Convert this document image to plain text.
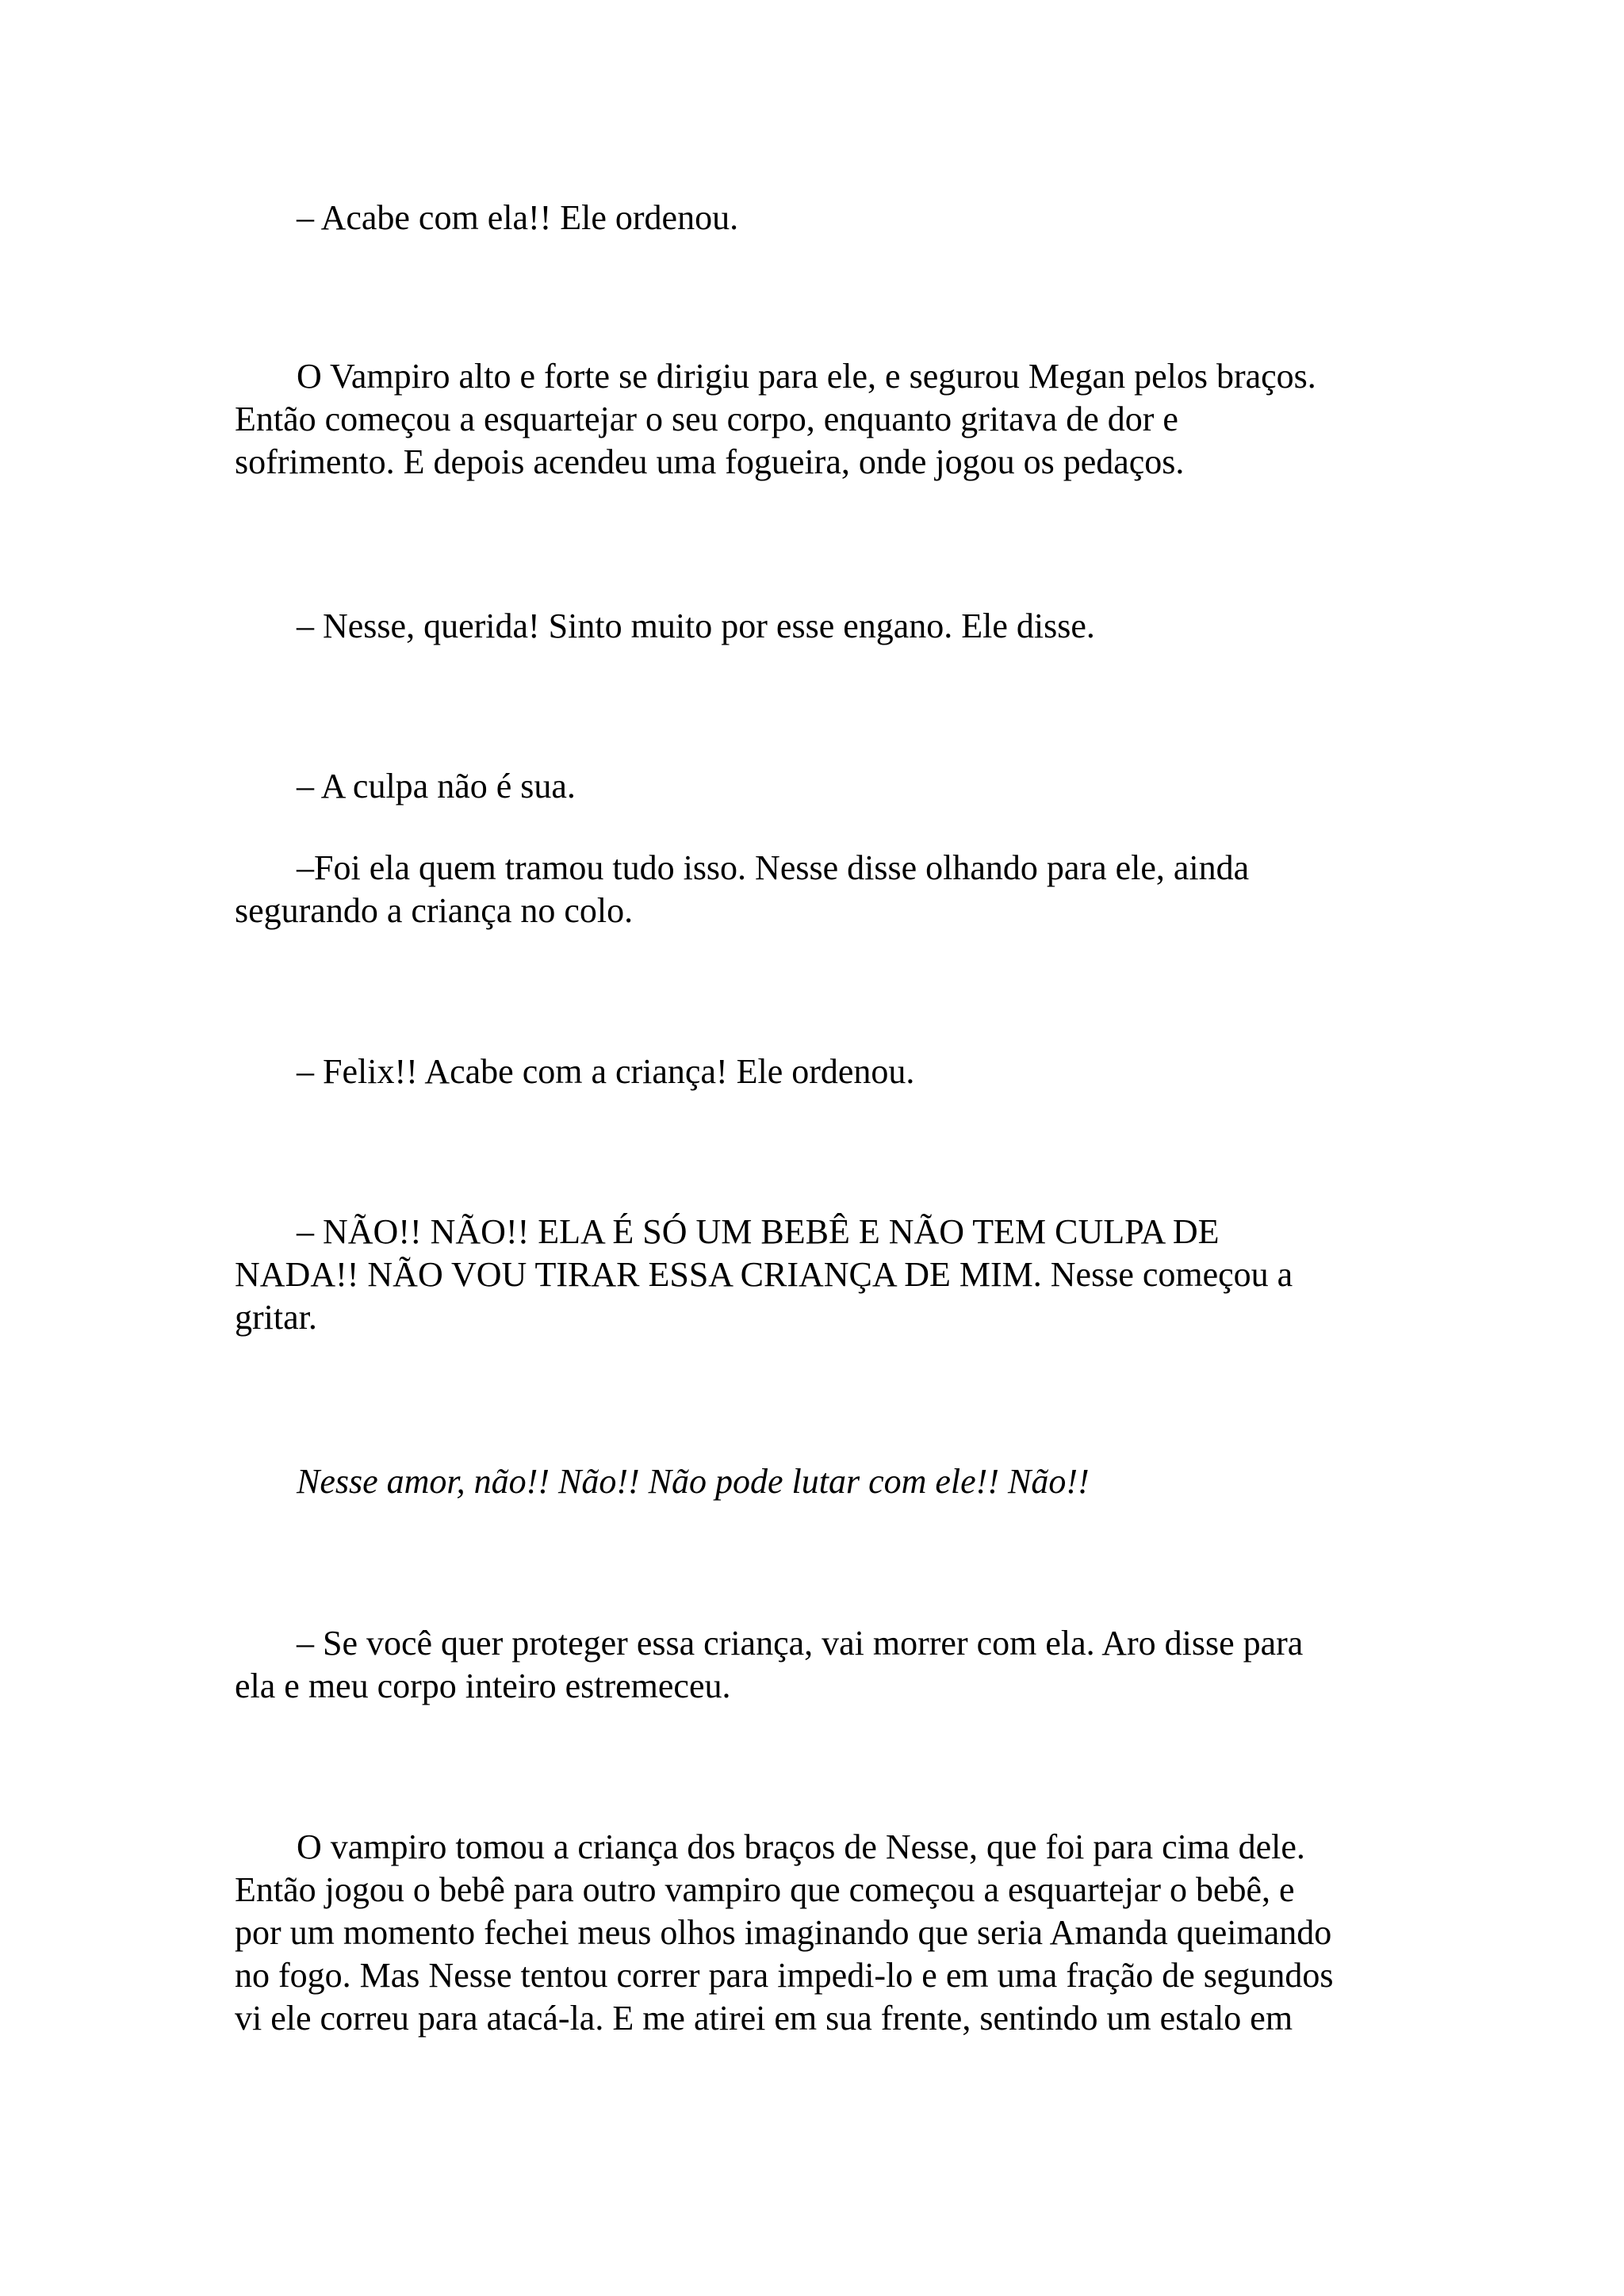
– Acabe com ela!! Ele ordenou.
O Vampiro alto e forte se dirigiu para ele, e segurou Megan pelos braços.
Então começou a esquartejar o seu corpo, enquanto gritava de dor e
sofrimento. E depois acendeu uma fogueira, onde jogou os pedaços.
– Nesse, querida! Sinto muito por esse engano. Ele disse.
– A culpa não é sua.
–Foi ela quem tramou tudo isso. Nesse disse olhando para ele, ainda
segurando a criança no colo.
– Felix!! Acabe com a criança! Ele ordenou.
– NÃO!! NÃO!! ELA É SÓ UM BEBÊ E NÃO TEM CULPA DE
NADA!! NÃO VOU TIRAR ESSA CRIANÇA DE MIM. Nesse começou a
gritar.
Nesse amor, não!! Não!! Não pode lutar com ele!! Não!!
– Se você quer proteger essa criança, vai morrer com ela. Aro disse para
ela e meu corpo inteiro estremeceu.
O vampiro tomou a criança dos braços de Nesse, que foi para cima dele.
Então jogou o bebê para outro vampiro que começou a esquartejar o bebê, e
por um momento fechei meus olhos imaginando que seria Amanda queimando
no fogo. Mas Nesse tentou correr para impedi-lo e em uma fração de segundos
vi ele correu para atacá-la. E me atirei em sua frente, sentindo um estalo em
